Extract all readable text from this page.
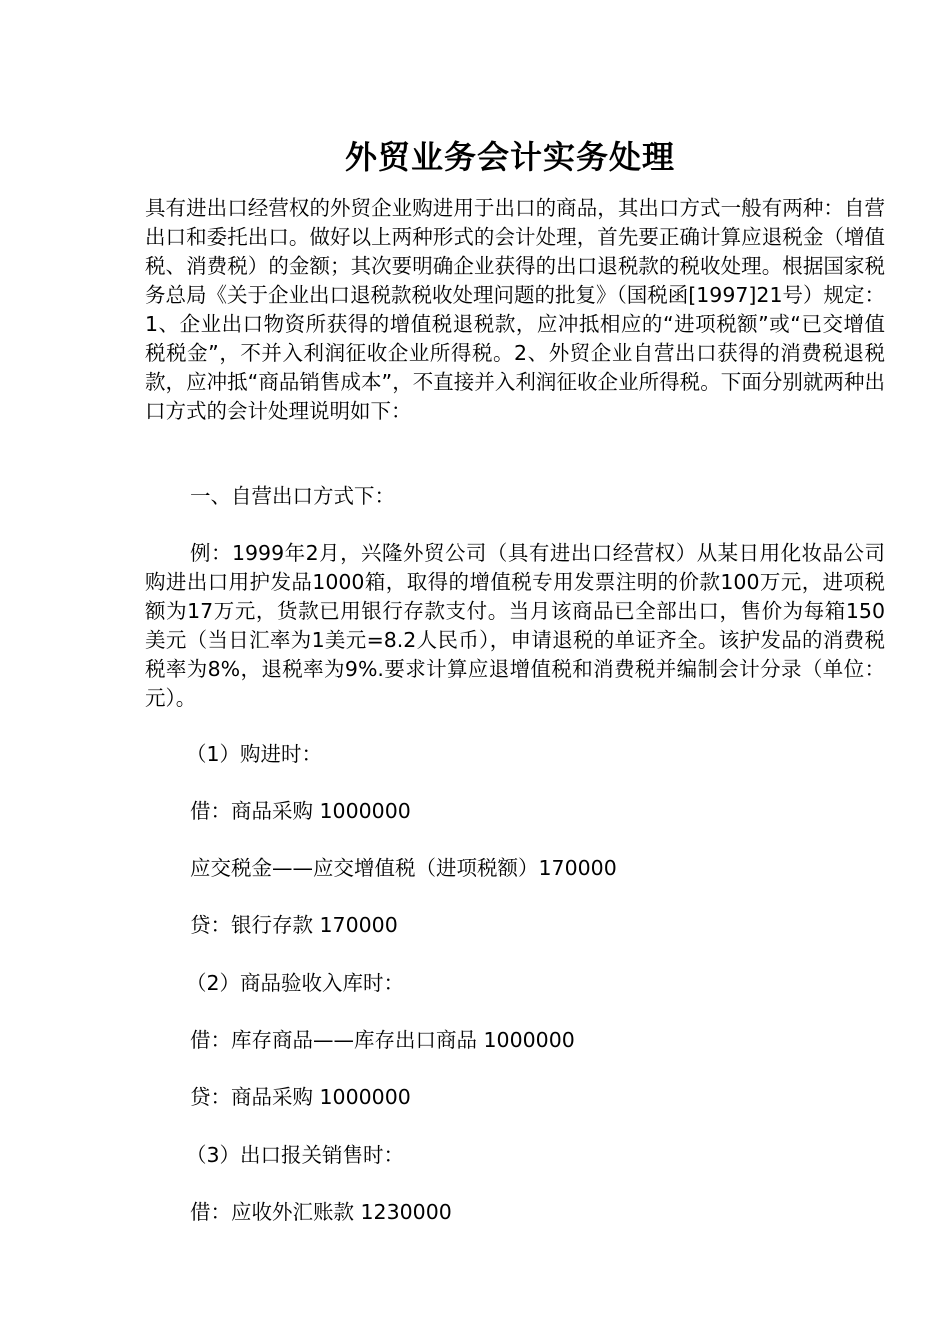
外贸业务会计实务处理

具有进出口经营权的外贸企业购进用于出口的商品，其出口方式一般有两种：自营出口和委托出口。做好以上两种形式的会计处理，首先要正确计算应退税金（增值税、消费税）的金额；其次要明确企业获得的出口退税款的税收处理。根据国家税务总局《关于企业出口退税款税收处理问题的批复》（国税函[1997]21号）规定：1、企业出口物资所获得的增值税退税款，应冲抵相应的“进项税额”或“已交增值税税金”，不并入利润征收企业所得税。2、外贸企业自营出口获得的消费税退税款，应冲抵“商品销售成本”，不直接并入利润征收企业所得税。下面分别就两种出口方式的会计处理说明如下：

一、自营出口方式下：

例：1999年2月，兴隆外贸公司（具有进出口经营权）从某日用化妆品公司购进出口用护发品1000箱，取得的增值税专用发票注明的价款100万元，进项税额为17万元，货款已用银行存款支付。当月该商品已全部出口，售价为每箱150美元（当日汇率为1美元=8.2人民币），申请退税的单证齐全。该护发品的消费税税率为8%，退税率为9%.要求计算应退增值税和消费税并编制会计分录（单位：元）。

（1）购进时：

借：商品采购 1000000

应交税金——应交增值税（进项税额）170000

贷：银行存款 170000

（2）商品验收入库时：

借：库存商品——库存出口商品 1000000

贷：商品采购 1000000

（3）出口报关销售时：

借：应收外汇账款 1230000
